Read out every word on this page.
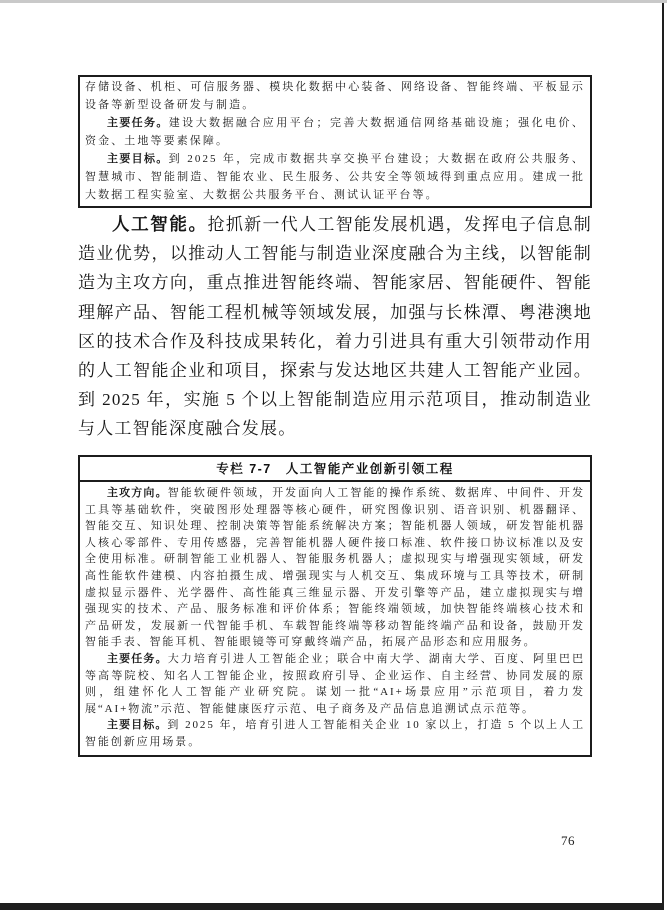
存储设备、机柜、可信服务器、模块化数据中心装备、网络设备、智能终端、平板显示设备等新型设备研发与制造。

主要任务。建设大数据融合应用平台；完善大数据通信网络基础设施；强化电价、资金、土地等要素保障。

主要目标。到 2025 年，完成市数据共享交换平台建设；大数据在政府公共服务、智慧城市、智能制造、智能农业、民生服务、公共安全等领域得到重点应用。建成一批大数据工程实验室、大数据公共服务平台、测试认证平台等。

人工智能。抢抓新一代人工智能发展机遇，发挥电子信息制造业优势，以推动人工智能与制造业深度融合为主线，以智能制造为主攻方向，重点推进智能终端、智能家居、智能硬件、智能理解产品、智能工程机械等领域发展，加强与长株潭、粤港澳地区的技术合作及科技成果转化，着力引进具有重大引领带动作用的人工智能企业和项目，探索与发达地区共建人工智能产业园。到 2025 年，实施 5 个以上智能制造应用示范项目，推动制造业与人工智能深度融合发展。

专栏 7-7　人工智能产业创新引领工程

主攻方向。智能软硬件领域，开发面向人工智能的操作系统、数据库、中间件、开发工具等基础软件，突破图形处理器等核心硬件，研究图像识别、语音识别、机器翻译、智能交互、知识处理、控制决策等智能系统解决方案；智能机器人领域，研发智能机器人核心零部件、专用传感器，完善智能机器人硬件接口标准、软件接口协议标准以及安全使用标准。研制智能工业机器人、智能服务机器人；虚拟现实与增强现实领域，研发高性能软件建模、内容拍摄生成、增强现实与人机交互、集成环境与工具等技术，研制虚拟显示器件、光学器件、高性能真三维显示器、开发引擎等产品，建立虚拟现实与增强现实的技术、产品、服务标准和评价体系；智能终端领域，加快智能终端核心技术和产品研发，发展新一代智能手机、车载智能终端等移动智能终端产品和设备，鼓励开发智能手表、智能耳机、智能眼镜等可穿戴终端产品，拓展产品形态和应用服务。

主要任务。大力培育引进人工智能企业；联合中南大学、湖南大学、百度、阿里巴巴等高等院校、知名人工智能企业，按照政府引导、企业运作、自主经营、协同发展的原则，组建怀化人工智能产业研究院。谋划一批“AI+场景应用”示范项目，着力发展“AI+物流”示范、智能健康医疗示范、电子商务及产品信息追溯试点示范等。

主要目标。到 2025 年，培育引进人工智能相关企业 10 家以上，打造 5 个以上人工智能创新应用场景。

76
